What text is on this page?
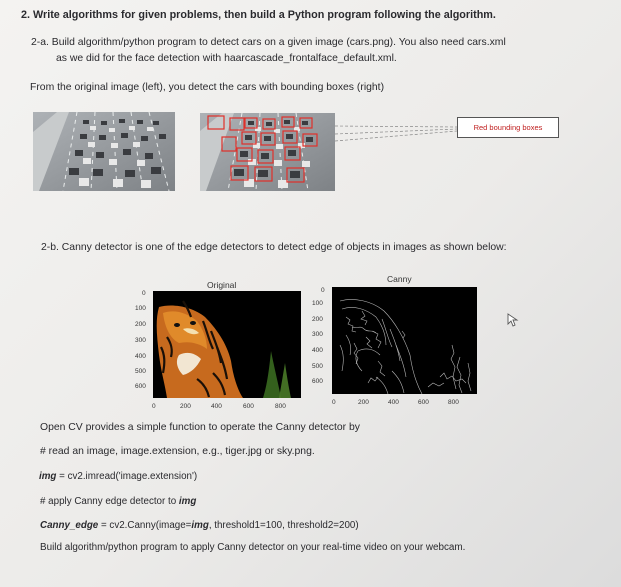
2. Write algorithms for given problems, then build a Python program following the algorithm.
2-a. Build algorithm/python program to detect cars on a given image (cars.png). You also need cars.xml
as we did for the face detection with haarcascade_frontalface_default.xml.
From the original image (left), you detect the cars with bounding boxes (right)
Red bounding boxes
2-b. Canny detector is one of the edge detectors to detect edge of objects in images as shown below:
Original
0
100
200
300
400
500
600
0	200	400	600	800
Canny
0
100
200
300
400
500
600
0	200	400	600	800
Open CV provides a simple function to operate the Canny detector by
# read an image, image.extension, e.g., tiger.jpg or sky.png.
img = cv2.imread('image.extension')
# apply Canny edge detector to img
Canny_edge = cv2.Canny(image=img, threshold1=100, threshold2=200)
Build algorithm/python program to apply Canny detector on your real-time video on your webcam.
